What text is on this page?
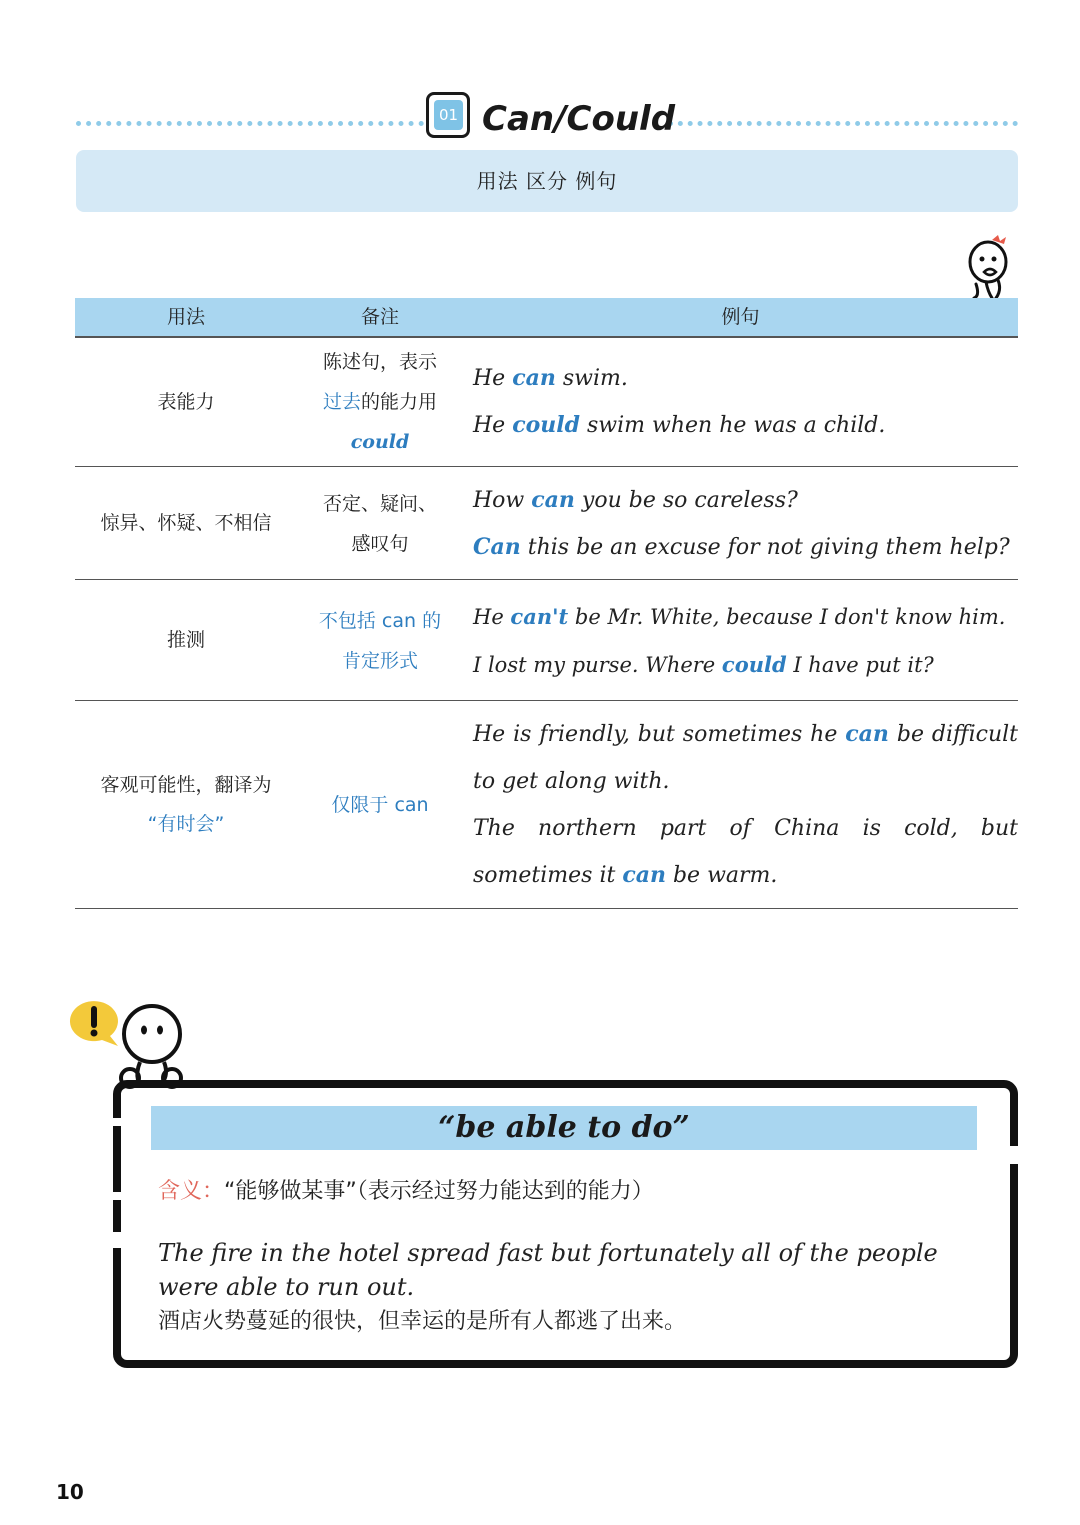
01 Can/Could
用法 区分 例句
用法	备注	例句
表能力
陈述句，表示
过去的能力用
could
He can swim.
He could swim when he was a child.
惊异、怀疑、不相信
否定、疑问、
感叹句
How can you be so careless?
Can this be an excuse for not giving them help?
推测
不包括 can 的
肯定形式
He can't be Mr. White, because I don't know him.
I lost my purse. Where could I have put it?
客观可能性，翻译为
“有时会”
仅限于 can
He is friendly, but sometimes he can be difficult to get along with.
The northern part of China is cold, but sometimes it can be warm.
“be able to do”
含义：“能够做某事”（表示经过努力能达到的能力）
The fire in the hotel spread fast but fortunately all of the people were able to run out.
酒店火势蔓延的很快，但幸运的是所有人都逃了出来。
10
